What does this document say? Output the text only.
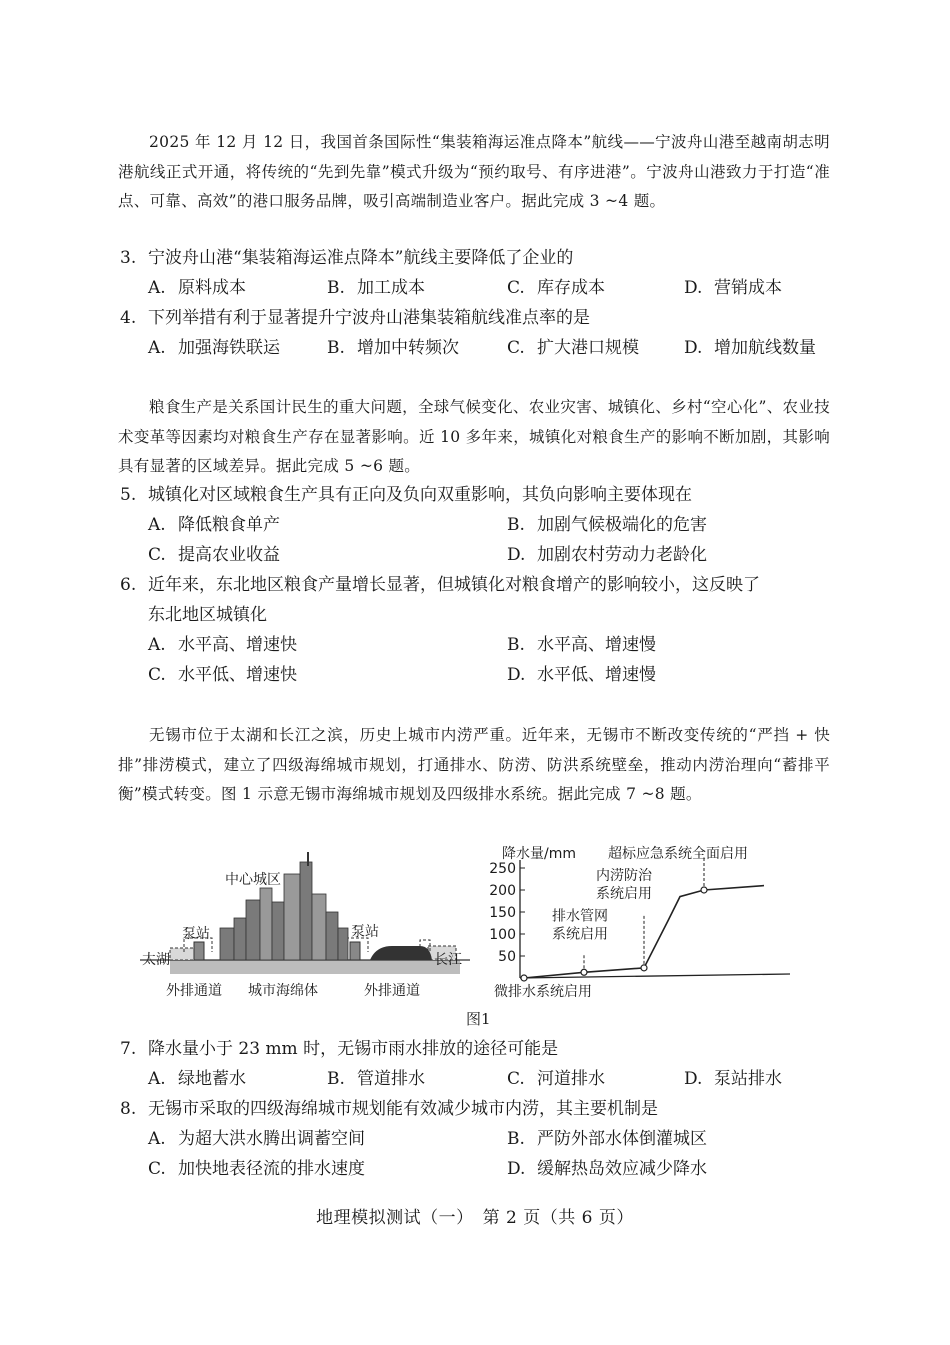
2025 年 12 月 12 日，我国首条国际性“集装箱海运准点降本”航线——宁波舟山港至越南胡志明港航线正式开通，将传统的“先到先靠”模式升级为“预约取号、有序进港”。宁波舟山港致力于打造“准点、可靠、高效”的港口服务品牌，吸引高端制造业客户。据此完成 3 ~4 题。
3. 宁波舟山港“集装箱海运准点降本”航线主要降低了企业的
A. 原料成本	B. 加工成本	C. 库存成本	D. 营销成本
4. 下列举措有利于显著提升宁波舟山港集装箱航线准点率的是
A. 加强海铁联运	B. 增加中转频次	C. 扩大港口规模	D. 增加航线数量
粮食生产是关系国计民生的重大问题，全球气候变化、农业灾害、城镇化、乡村“空心化”、农业技术变革等因素均对粮食生产存在显著影响。近 10 多年来，城镇化对粮食生产的影响不断加剧，其影响具有显著的区域差异。据此完成 5 ~6 题。
5. 城镇化对区域粮食生产具有正向及负向双重影响，其负向影响主要体现在
A. 降低粮食单产	B. 加剧气候极端化的危害
C. 提高农业收益	D. 加剧农村劳动力老龄化
6. 近年来，东北地区粮食产量增长显著，但城镇化对粮食增产的影响较小，这反映了
东北地区城镇化
A. 水平高、增速快	B. 水平高、增速慢
C. 水平低、增速快	D. 水平低、增速慢
无锡市位于太湖和长江之滨，历史上城市内涝严重。近年来，无锡市不断改变传统的“严挡 + 快排”排涝模式，建立了四级海绵城市规划，打通排水、防涝、防洪系统壁垒，推动内涝治理向“蓄排平衡”模式转变。图 1 示意无锡市海绵城市规划及四级排水系统。据此完成 7 ~8 题。
中心城区
泵站	泵站
太湖	长江
外排通道 城市海绵体	外排通道
降水量/mm
50
100
150
200
250
微排水系统启用
排水管网
系统启用
内涝防治
系统启用
超标应急系统全面启用
图1
7. 降水量小于 23 mm 时，无锡市雨水排放的途径可能是
A. 绿地蓄水	B. 管道排水	C. 河道排水	D. 泵站排水
8. 无锡市采取的四级海绵城市规划能有效减少城市内涝，其主要机制是
A. 为超大洪水腾出调蓄空间	B. 严防外部水体倒灌城区
C. 加快地表径流的排水速度	D. 缓解热岛效应减少降水
地理模拟测试（一）　第 2 页（共 6 页）
